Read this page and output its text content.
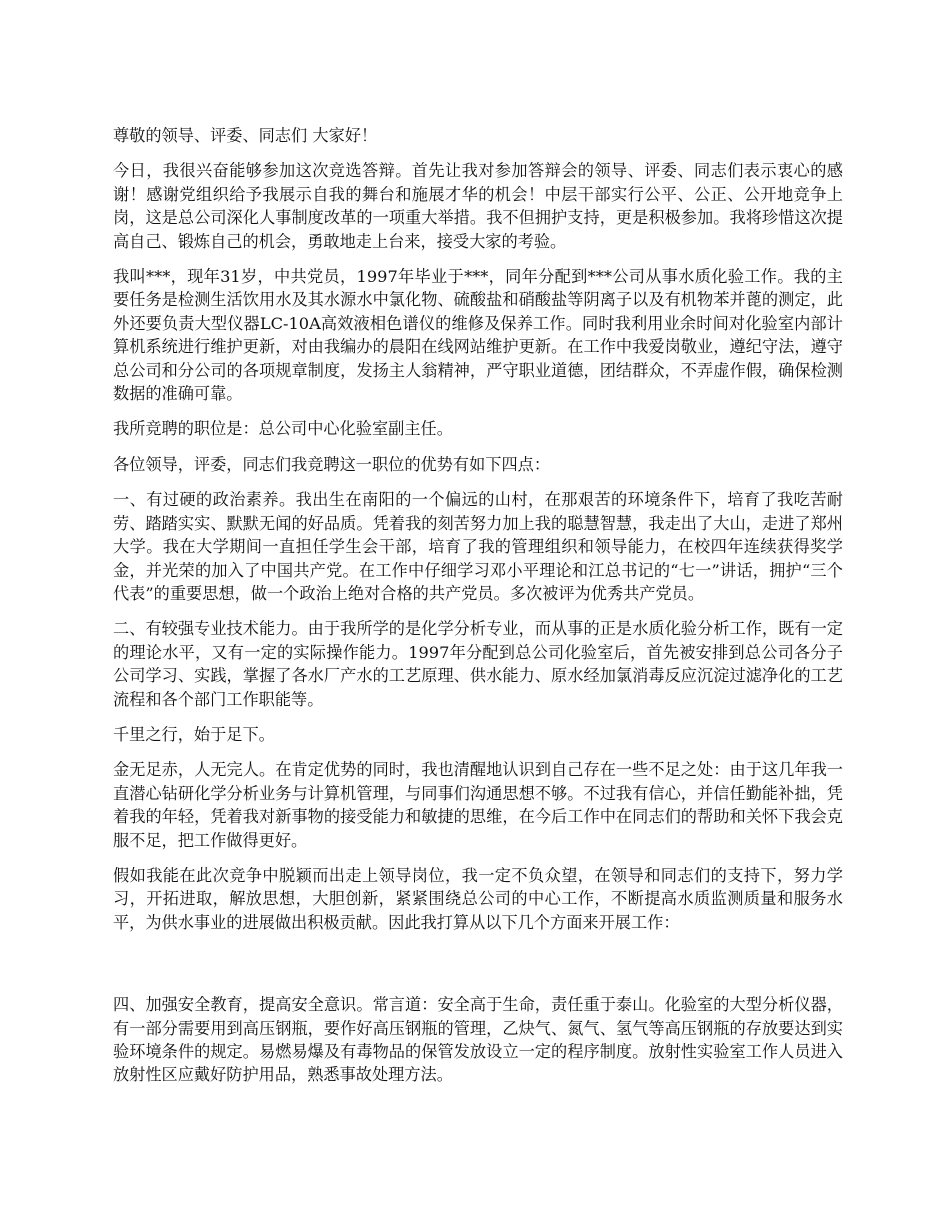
尊敬的领导、评委、同志们 大家好！

今日，我很兴奋能够参加这次竞选答辩。首先让我对参加答辩会的领导、评委、同志们表示衷心的感谢！感谢党组织给予我展示自我的舞台和施展才华的机会！中层干部实行公平、公正、公开地竞争上岗，这是总公司深化人事制度改革的一项重大举措。我不但拥护支持，更是积极参加。我将珍惜这次提高自己、锻炼自己的机会，勇敢地走上台来，接受大家的考验。

我叫***，现年31岁，中共党员，1997年毕业于***，同年分配到***公司从事水质化验工作。我的主要任务是检测生活饮用水及其水源水中氯化物、硫酸盐和硝酸盐等阴离子以及有机物苯并蓖的测定，此外还要负责大型仪器LC-10A高效液相色谱仪的维修及保养工作。同时我利用业余时间对化验室内部计算机系统进行维护更新，对由我编办的晨阳在线网站维护更新。在工作中我爱岗敬业，遵纪守法，遵守总公司和分公司的各项规章制度，发扬主人翁精神，严守职业道德，团结群众，不弄虚作假，确保检测数据的准确可靠。

我所竞聘的职位是：总公司中心化验室副主任。

各位领导，评委，同志们我竞聘这一职位的优势有如下四点：

一、有过硬的政治素养。我出生在南阳的一个偏远的山村，在那艰苦的环境条件下，培育了我吃苦耐劳、踏踏实实、默默无闻的好品质。凭着我的刻苦努力加上我的聪慧智慧，我走出了大山，走进了郑州大学。我在大学期间一直担任学生会干部，培育了我的管理组织和领导能力，在校四年连续获得奖学金，并光荣的加入了中国共产党。在工作中仔细学习邓小平理论和江总书记的“七一”讲话，拥护“三个代表”的重要思想，做一个政治上绝对合格的共产党员。多次被评为优秀共产党员。

二、有较强专业技术能力。由于我所学的是化学分析专业，而从事的正是水质化验分析工作，既有一定的理论水平，又有一定的实际操作能力。1997年分配到总公司化验室后，首先被安排到总公司各分子公司学习、实践，掌握了各水厂产水的工艺原理、供水能力、原水经加氯消毒反应沉淀过滤净化的工艺流程和各个部门工作职能等。

千里之行，始于足下。

金无足赤，人无完人。在肯定优势的同时，我也清醒地认识到自己存在一些不足之处：由于这几年我一直潜心钻研化学分析业务与计算机管理，与同事们沟通思想不够。不过我有信心，并信任勤能补拙，凭着我的年轻，凭着我对新事物的接受能力和敏捷的思维，在今后工作中在同志们的帮助和关怀下我会克服不足，把工作做得更好。

假如我能在此次竞争中脱颖而出走上领导岗位，我一定不负众望，在领导和同志们的支持下，努力学习，开拓进取，解放思想，大胆创新，紧紧围绕总公司的中心工作，不断提高水质监测质量和服务水平，为供水事业的进展做出积极贡献。因此我打算从以下几个方面来开展工作：

四、加强安全教育，提高安全意识。常言道：安全高于生命，责任重于泰山。化验室的大型分析仪器，有一部分需要用到高压钢瓶，要作好高压钢瓶的管理，乙炔气、氮气、氢气等高压钢瓶的存放要达到实验环境条件的规定。易燃易爆及有毒物品的保管发放设立一定的程序制度。放射性实验室工作人员进入放射性区应戴好防护用品，熟悉事故处理方法。
